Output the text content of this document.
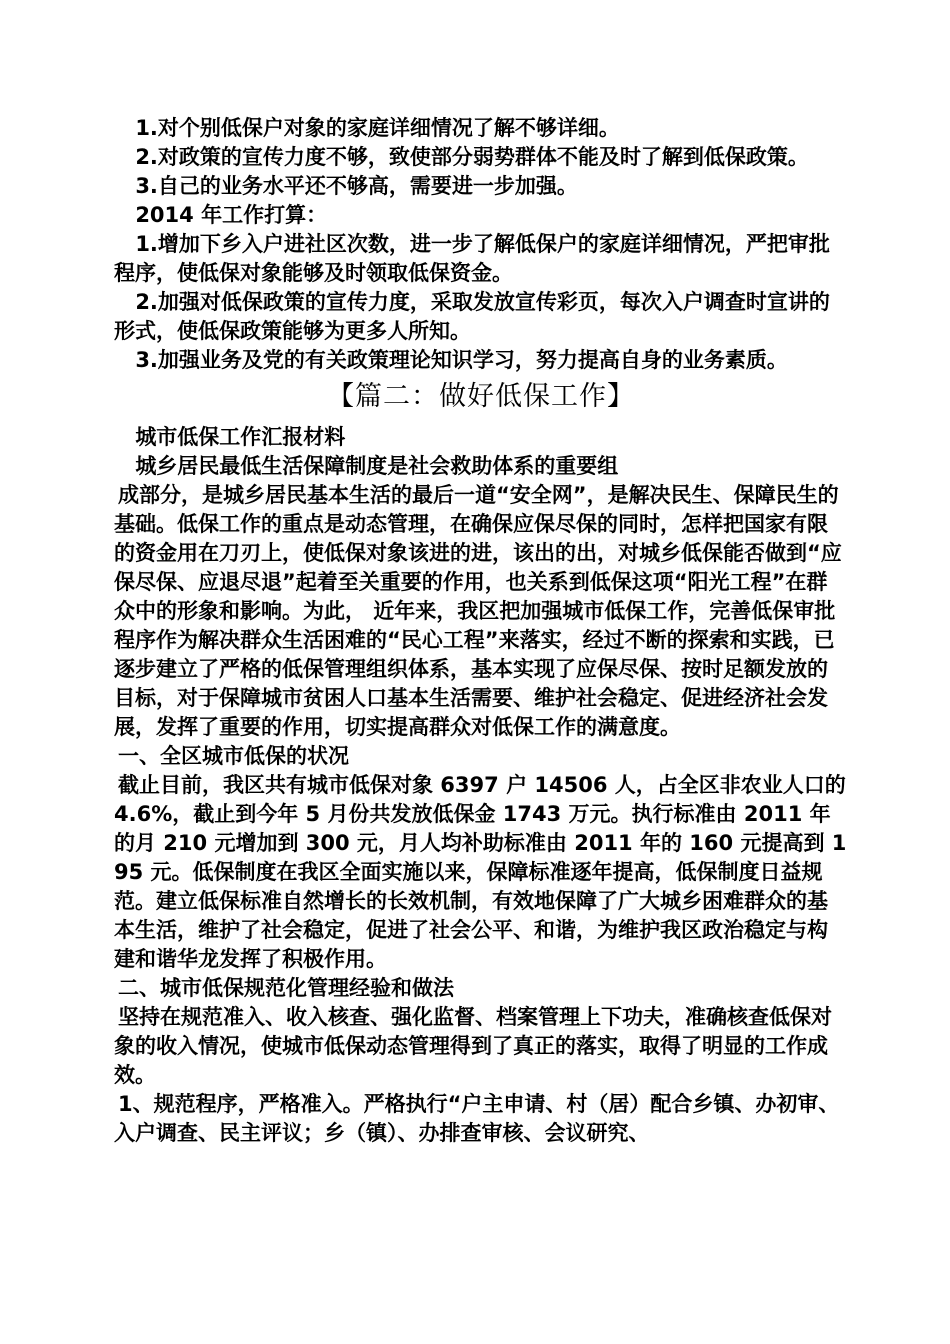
1.对个别低保户对象的家庭详细情况了解不够详细。

2.对政策的宣传力度不够，致使部分弱势群体不能及时了解到低保政策。

3.自己的业务水平还不够高，需要进一步加强。

2014 年工作打算：

1.增加下乡入户进社区次数，进一步了解低保户的家庭详细情况，严把审批程序，使低保对象能够及时领取低保资金。

2.加强对低保政策的宣传力度，采取发放宣传彩页，每次入户调查时宣讲的形式，使低保政策能够为更多人所知。

3.加强业务及党的有关政策理论知识学习，努力提高自身的业务素质。

【篇二：做好低保工作】

城市低保工作汇报材料

城乡居民最低生活保障制度是社会救助体系的重要组

成部分，是城乡居民基本生活的最后一道“安全网”，是解决民生、保障民生的基础。低保工作的重点是动态管理，在确保应保尽保的同时，怎样把国家有限的资金用在刀刃上，使低保对象该进的进，该出的出，对城乡低保能否做到“应保尽保、应退尽退”起着至关重要的作用，也关系到低保这项“阳光工程”在群众中的形象和影响。为此， 近年来，我区把加强城市低保工作，完善低保审批程序作为解决群众生活困难的“民心工程”来落实，经过不断的探索和实践，已逐步建立了严格的低保管理组织体系，基本实现了应保尽保、按时足额发放的目标，对于保障城市贫困人口基本生活需要、维护社会稳定、促进经济社会发展，发挥了重要的作用，切实提高群众对低保工作的满意度。

一、全区城市低保的状况

截止目前，我区共有城市低保对象 6397 户 14506 人，占全区非农业人口的 4.6%，截止到今年 5 月份共发放低保金 1743 万元。执行标准由 2011 年的月 210 元增加到 300 元，月人均补助标准由 2011 年的 160 元提高到 195 元。低保制度在我区全面实施以来，保障标准逐年提高，低保制度日益规

范。建立低保标准自然增长的长效机制，有效地保障了广大城乡困难群众的基本生活，维护了社会稳定，促进了社会公平、和谐，为维护我区政治稳定与构建和谐华龙发挥了积极作用。

二、城市低保规范化管理经验和做法

坚持在规范准入、收入核查、强化监督、档案管理上下功夫，准确核查低保对象的收入情况，使城市低保动态管理得到了真正的落实，取得了明显的工作成效。

1、规范程序，严格准入。严格执行“户主申请、村（居）配合乡镇、办初审、入户调查、民主评议；乡（镇）、办排查审核、会议研究、
